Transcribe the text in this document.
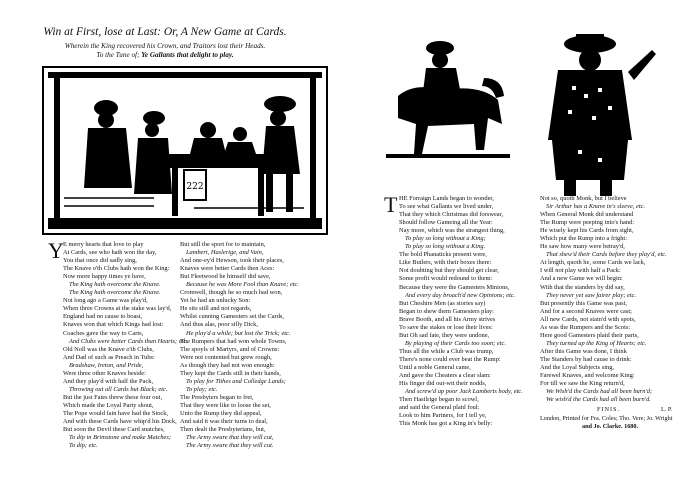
Win at First, lose at Last: Or, A New Game at Cards.
Wherein the King recovered his Crown, and Traitors lost their Heads.
To the Tune of; Ye Gallants that delight to play.
222
Y E merry hearts that love to play
At Cards, see who hath won the day,
You that once did sadly sing,
The Knave o'th Clubs hath won the King:
Now more happy times ye have,
The King hath overcome the Knave.
The King hath overcome the Knave.
Not long ago a Game was play'd,
When three Crowns at the stake was lay'd,
England had no cause to boast,
Knaves won that which Kings had lost:
Coaches gave the way to Carts,
And Clubs were better Cards than Hearts; etc.
Old Noll was the Knave o'th Clubs,
And Dad of such as Preach in Tubs:
Bradshaw, Ireton, and Pride,
Were three other Knaves beside:
And they play'd with half the Pack,
Throwing out all Cards but Black; etc.
But the just Fates threw these four out,
Which made the Loyal Party shout,
The Pope would fain have had the Stock,
And with these Cards have whip'd his Dock,
But soon the Devil these Card snatches,
To dip in Brimstone and make Matches;
To dip; etc.
But still the sport for to maintain,
Lambert, Haslerige, and Vain,
And one-ey'd Hewson, took their places,
Knaves were better Cards then Aces:
But Fleetwood he himself did save,
Because he was More Fool than Knave; etc.
Cromwell, though he so much had won,
Yet he had an unlucky Son:
He sits still and not regards,
Whilst cunning Gamesters set the Cards,
And thus alas, poor silly Dick,
He play'd a while; but lost the Trick; etc.
The Rumpers that had won whole Towns,
The spoyls of Martyrs, and of Crowns:
Were not contented but grew rough,
As though they had not won enough:
They kept the Cards still in their hands,
To play for Tithes and Colledge Lands;
To play; etc.
The Presbyters began to fret,
That they were like to loose the set,
Unto the Rump they did appeal,
And said it was their turns to deal,
Then dealt the Presbyterians, but,
The Army sware that they will cut,
The Army sware that they will cut.
T HE Forraign Lands began to wonder,
To see what Gallants we lived under,
That they which Christmas did forswear,
Should follow Gameing all the Year:
Nay more, which was the strangest thing,
To play so long without a King;
To play so long without a King.
The bold Phanaticks present were,
Like Butlers, with their boxes there:
Not doubting but they should get clear,
Some profit would redound to them:
Because they were the Gamesters Minions,
And every day broach'd new Opinions; etc.
But Cheshire Men (as stories say)
Began to shew them Gamesters play:
Brave Booth, and all his Army strives
To save the stakes or lose their lives:
But Oh sad fate, they were undone,
By playing of their Cards too soon; etc.
Thus all the while a Club was trump,
There's none could ever beat the Rump:
Until a noble General came,
And gave the Cheaters a clear slam:
His finger did out-wit their nodds,
And screw'd up poor Jack Lamberts body, etc.
Then Hasilrige began to scowl,
and said the General plaid foul:
Look to him Partners, for I tell ye,
This Monk has got a King in's belly:
Not so, quoth Monk, but I believe
Sir Arthur has a Knave in's sleeve, etc.
When General Monk did understand
The Rump were peeping into's hand:
He wisely kept his Cards from sight,
Which put the Rump into a fright:
He saw how many were betray'd,
That shew'd their Cards before they play'd, etc.
At length, quoth he, some Cards we lack,
I will not play with half a Pack:
And a new Game we will begin:
With that the standers by did say,
They never yet saw fairer play; etc.
But presently this Game was past,
And for a second Knaves were cast;
All new Cards, not stain'd with spots,
As was the Rumpers and the Scots:
Here good Gamesters plaid their parts,
They turned up the King of Hearts; etc.
After this Game was done, I think
The Standers by had cause to drink:
And the Loyal Subjects sing,
Farewel Knaves, and welcome King:
For till we saw the King return'd,
We Wish'd the Cards had all been burn'd;
We wish'd the Cards had all been burn'd.
FINIS.	L. P.
London, Printed for Fra. Coles; Tho. Vere; Jo. Wright
and Jo. Clarke. 1680.
